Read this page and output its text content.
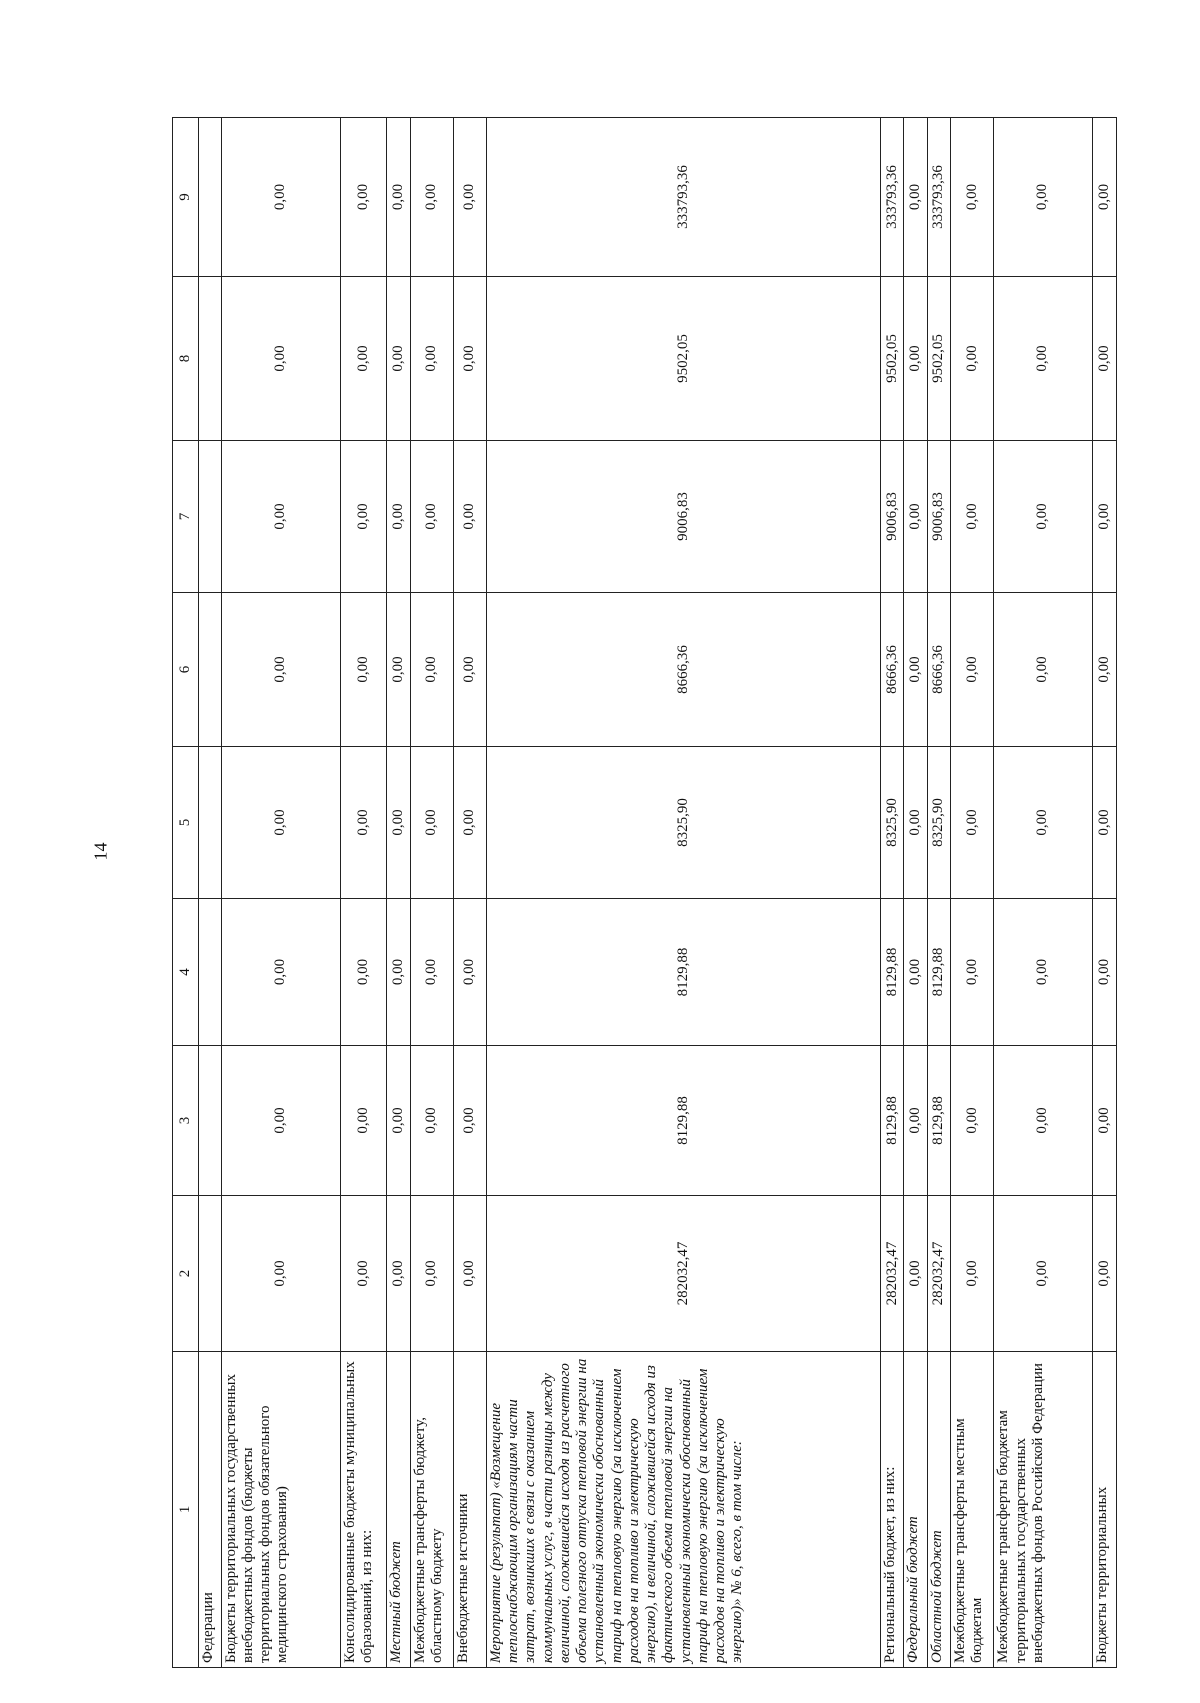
14
1	2	3	4	5	6	7	8	9
Федерации								
Бюджеты территориальных государственных внебюджетных фондов (бюджеты территориальных фондов обязательного медицинского страхования)	0,00	0,00	0,00	0,00	0,00	0,00	0,00	0,00
Консолидированные бюджеты муниципальных образований, из них:	0,00	0,00	0,00	0,00	0,00	0,00	0,00	0,00
Местный бюджет	0,00	0,00	0,00	0,00	0,00	0,00	0,00	0,00
Межбюджетные трансферты бюджету, областному бюджету	0,00	0,00	0,00	0,00	0,00	0,00	0,00	0,00
Внебюджетные источники	0,00	0,00	0,00	0,00	0,00	0,00	0,00	0,00
Мероприятие (результат) «Возмещение теплоснабжающим организациям части затрат, возникших в связи с оказанием коммунальных услуг, в части разницы между величиной, сложившейся исходя из расчетного объема полезного отпуска тепловой энергии на установленный экономически обоснованный тариф на тепловую энергию (за исключением расходов на топливо и электрическую энергию), и величиной, сложившейся исходя из фактического объема тепловой энергии на установленный экономически обоснованный тариф на тепловую энергию (за исключением расходов на топливо и электрическую энергию)» № 6, всего, в том числе:	282032,47	8129,88	8129,88	8325,90	8666,36	9006,83	9502,05	333793,36
Региональный бюджет, из них:	282032,47	8129,88	8129,88	8325,90	8666,36	9006,83	9502,05	333793,36
Федеральный бюджет	0,00	0,00	0,00	0,00	0,00	0,00	0,00	0,00
Областной бюджет	282032,47	8129,88	8129,88	8325,90	8666,36	9006,83	9502,05	333793,36
Межбюджетные трансферты местным бюджетам	0,00	0,00	0,00	0,00	0,00	0,00	0,00	0,00
Межбюджетные трансферты бюджетам территориальных государственных внебюджетных фондов Российской Федерации	0,00	0,00	0,00	0,00	0,00	0,00	0,00	0,00
Бюджеты территориальных	0,00	0,00	0,00	0,00	0,00	0,00	0,00	0,00
